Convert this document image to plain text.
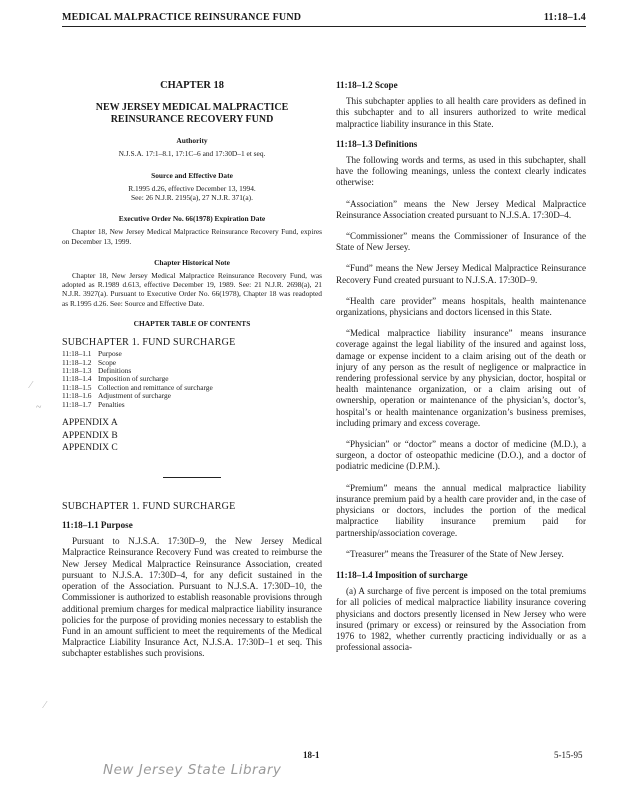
MEDICAL MALPRACTICE REINSURANCE FUND	11:18–1.4
CHAPTER 18
NEW JERSEY MEDICAL MALPRACTICE
REINSURANCE RECOVERY FUND
Authority
N.J.S.A. 17:1–8.1, 17:1C–6 and 17:30D–1 et seq.
Source and Effective Date
R.1995 d.26, effective December 13, 1994.
See: 26 N.J.R. 2195(a), 27 N.J.R. 371(a).
Executive Order No. 66(1978) Expiration Date

Chapter 18, New Jersey Medical Malpractice Reinsurance Recovery Fund, expires on December 13, 1999.

Chapter Historical Note

Chapter 18, New Jersey Medical Malpractice Reinsurance Recovery Fund, was adopted as R.1989 d.613, effective December 19, 1989. See: 21 N.J.R. 2698(a), 21 N.J.R. 3927(a). Pursuant to Executive Order No. 66(1978), Chapter 18 was readopted as R.1995 d.26. See: Source and Effective Date.

CHAPTER TABLE OF CONTENTS
SUBCHAPTER 1. FUND SURCHARGE
11:18–1.1 Purpose
11:18–1.2 Scope
11:18–1.3 Definitions
11:18–1.4 Imposition of surcharge
11:18–1.5 Collection and remittance of surcharge
11:18–1.6 Adjustment of surcharge
11:18–1.7 Penalties
APPENDIX A
APPENDIX B
APPENDIX C
SUBCHAPTER 1. FUND SURCHARGE
11:18–1.1 Purpose

Pursuant to N.J.S.A. 17:30D–9, the New Jersey Medical Malpractice Reinsurance Recovery Fund was created to reimburse the New Jersey Medical Malpractice Reinsurance Association, created pursuant to N.J.S.A. 17:30D–4, for any deficit sustained in the operation of the Association. Pursuant to N.J.S.A. 17:30D–10, the Commissioner is authorized to establish reasonable provisions through additional premium charges for medical malpractice liability insurance policies for the purpose of providing monies necessary to establish the Fund in an amount sufficient to meet the requirements of the Medical Malpractice Liability Insurance Act, N.J.S.A. 17:30D–1 et seq. This subchapter establishes such provisions.

11:18–1.2 Scope

This subchapter applies to all health care providers as defined in this subchapter and to all insurers authorized to write medical malpractice liability insurance in this State.

11:18–1.3 Definitions

The following words and terms, as used in this subchapter, shall have the following meanings, unless the context clearly indicates otherwise:

“Association” means the New Jersey Medical Malpractice Reinsurance Association created pursuant to N.J.S.A. 17:30D–4.

“Commissioner” means the Commissioner of Insurance of the State of New Jersey.

“Fund” means the New Jersey Medical Malpractice Reinsurance Recovery Fund created pursuant to N.J.S.A. 17:30D–9.

“Health care provider” means hospitals, health maintenance organizations, physicians and doctors licensed in this State.

“Medical malpractice liability insurance” means insurance coverage against the legal liability of the insured and against loss, damage or expense incident to a claim arising out of the death or injury of any person as the result of negligence or malpractice in rendering professional service by any physician, doctor, hospital or health maintenance organization, or a claim arising out of ownership, operation or maintenance of the physician’s, doctor’s, hospital’s or health maintenance organization’s business premises, including primary and excess coverage.

“Physician” or “doctor” means a doctor of medicine (M.D.), a surgeon, a doctor of osteopathic medicine (D.O.), and a doctor of podiatric medicine (D.P.M.).

“Premium” means the annual medical malpractice liability insurance premium paid by a health care provider and, in the case of physicians or doctors, includes the portion of the medical malpractice liability insurance premium paid for partnership/association coverage.

“Treasurer” means the Treasurer of the State of New Jersey.

11:18–1.4 Imposition of surcharge

(a) A surcharge of five percent is imposed on the total premiums for all policies of medical malpractice liability insurance covering physicians and doctors presently licensed in New Jersey who were insured (primary or excess) or reinsured by the Association from 1976 to 1982, whether currently practicing individually or as a professional associa-

18-1	5-15-95
New Jersey State Library
⁄
~
⁄
